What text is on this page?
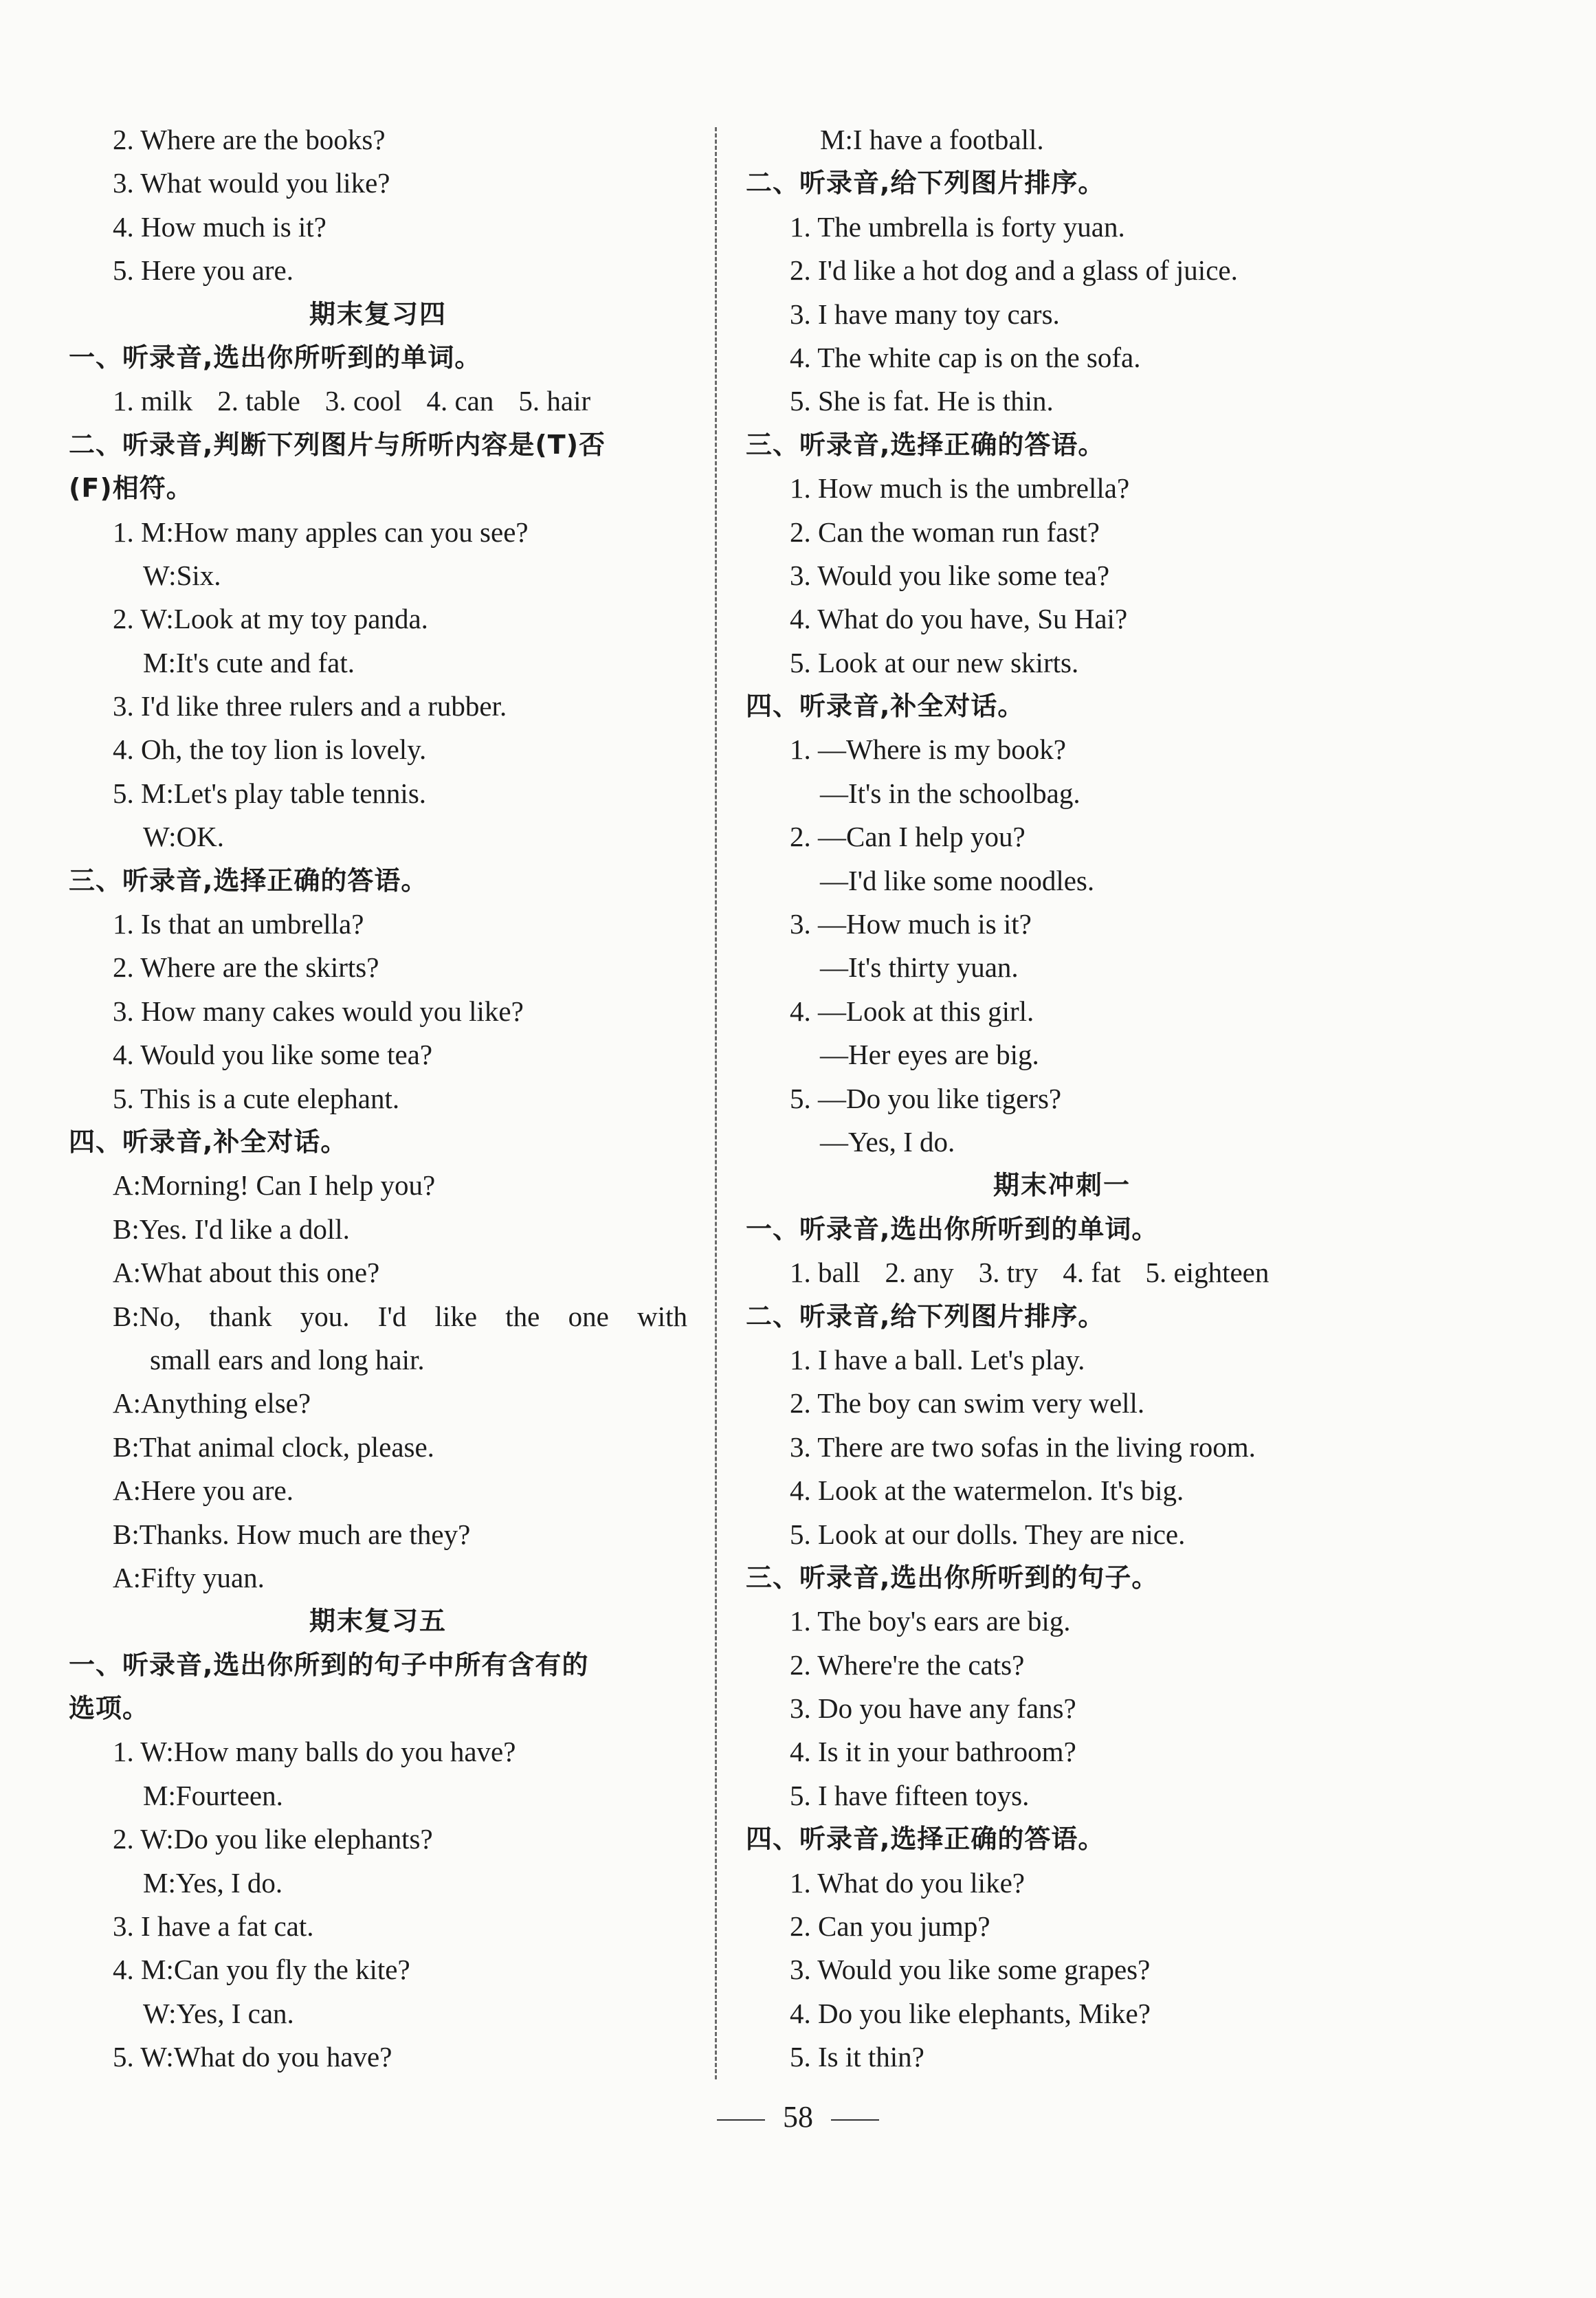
2. Where are the books?
3. What would you like?
4. How much is it?
5. Here you are.
期末复习四
一、听录音,选出你所听到的单词。
1. milk 2. table 3. cool 4. can 5. hair
二、听录音,判断下列图片与所听内容是(T)否
(F)相符。
1. M:How many apples can you see?
W:Six.
2. W:Look at my toy panda.
M:It's cute and fat.
3. I'd like three rulers and a rubber.
4. Oh, the toy lion is lovely.
5. M:Let's play table tennis.
W:OK.
三、听录音,选择正确的答语。
1. Is that an umbrella?
2. Where are the skirts?
3. How many cakes would you like?
4. Would you like some tea?
5. This is a cute elephant.
四、听录音,补全对话。
A:Morning! Can I help you?
B:Yes. I'd like a doll.
A:What about this one?
B:No, thank you. I'd like the one with
small ears and long hair.
A:Anything else?
B:That animal clock, please.
A:Here you are.
B:Thanks. How much are they?
A:Fifty yuan.
期末复习五
一、听录音,选出你所到的句子中所有含有的
选项。
1. W:How many balls do you have?
M:Fourteen.
2. W:Do you like elephants?
M:Yes, I do.
3. I have a fat cat.
4. M:Can you fly the kite?
W:Yes, I can.
5. W:What do you have?
M:I have a football.
二、听录音,给下列图片排序。
1. The umbrella is forty yuan.
2. I'd like a hot dog and a glass of juice.
3. I have many toy cars.
4. The white cap is on the sofa.
5. She is fat. He is thin.
三、听录音,选择正确的答语。
1. How much is the umbrella?
2. Can the woman run fast?
3. Would you like some tea?
4. What do you have, Su Hai?
5. Look at our new skirts.
四、听录音,补全对话。
1. —Where is my book?
—It's in the schoolbag.
2. —Can I help you?
—I'd like some noodles.
3. —How much is it?
—It's thirty yuan.
4. —Look at this girl.
—Her eyes are big.
5. —Do you like tigers?
—Yes, I do.
期末冲刺一
一、听录音,选出你所听到的单词。
1. ball 2. any 3. try 4. fat 5. eighteen
二、听录音,给下列图片排序。
1. I have a ball. Let's play.
2. The boy can swim very well.
3. There are two sofas in the living room.
4. Look at the watermelon. It's big.
5. Look at our dolls. They are nice.
三、听录音,选出你所听到的句子。
1. The boy's ears are big.
2. Where're the cats?
3. Do you have any fans?
4. Is it in your bathroom?
5. I have fifteen toys.
四、听录音,选择正确的答语。
1. What do you like?
2. Can you jump?
3. Would you like some grapes?
4. Do you like elephants, Mike?
5. Is it thin?
58
